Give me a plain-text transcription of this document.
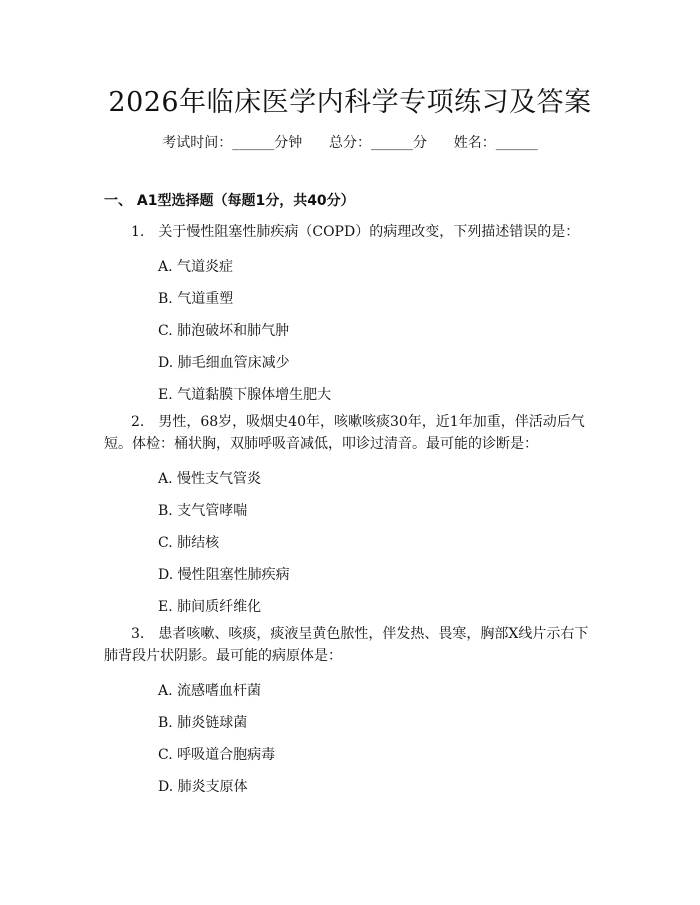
2026年临床医学内科学专项练习及答案
考试时间：______分钟 总分：______分 姓名：______
一、 A1型选择题（每题1分，共40分）
1.　关于慢性阻塞性肺疾病（COPD）的病理改变，下列描述错误的是：
A. 气道炎症
B. 气道重塑
C. 肺泡破坏和肺气肿
D. 肺毛细血管床减少
E. 气道黏膜下腺体增生肥大
2.　男性，68岁，吸烟史40年，咳嗽咳痰30年，近1年加重，伴活动后气短。体检：桶状胸，双肺呼吸音减低，叩诊过清音。最可能的诊断是：
A. 慢性支气管炎
B. 支气管哮喘
C. 肺结核
D. 慢性阻塞性肺疾病
E. 肺间质纤维化
3.　患者咳嗽、咳痰，痰液呈黄色脓性，伴发热、畏寒，胸部X线片示右下肺背段片状阴影。最可能的病原体是：
A. 流感嗜血杆菌
B. 肺炎链球菌
C. 呼吸道合胞病毒
D. 肺炎支原体
